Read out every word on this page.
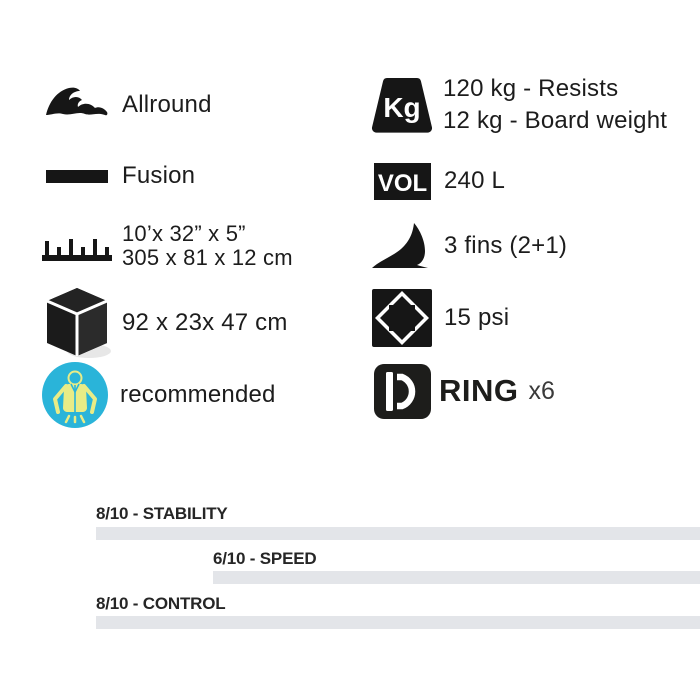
Allround
Fusion
10’x 32” x 5”
305 x 81 x 12 cm
92 x 23x 47 cm
recommended
Kg
120 kg - Resists
12 kg - Board weight
VOL 240 L
3 fins (2+1)
15 psi
RING x6
8/10 - STABILITY
6/10 - SPEED
8/10 - CONTROL
